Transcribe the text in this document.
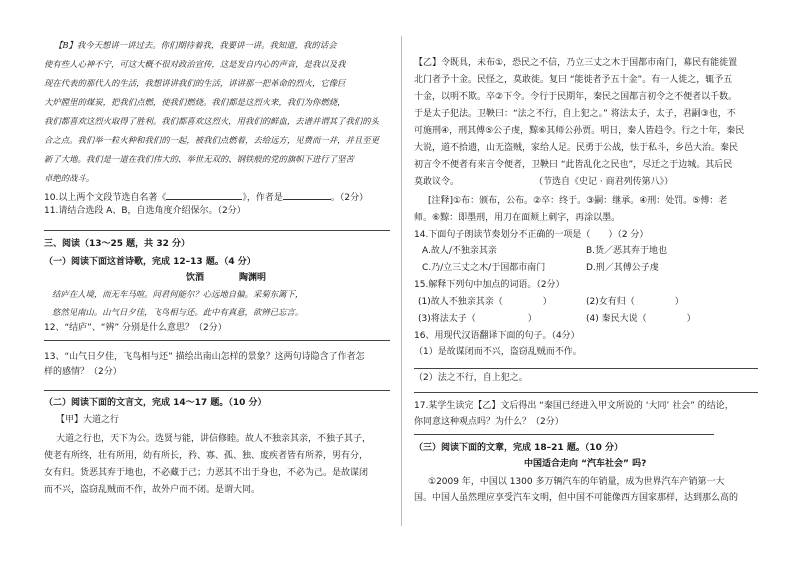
【B】我今天想讲一讲过去。你们期待着我，我要讲一讲。我知道，我的话会
使有些人心神不宁，可这大概不很对政治宣传，这是发自内心的声音，是我以及我
现在代表的那代人的生活，我想讲讲我们的生活，讲讲那一把革命的烈火，它像巨
大炉膛里的煤炭，把我们点燃，使我们燃烧。我们都是这烈火来，我们为你燃烧，
我们都喜欢这烈火取得了胜利。我们都喜欢这烈火，用我们的鲜血，去谱并谓其了我们的头
合之点。我们举一粒火种和我们的一起，被我们点燃着，去给远方，见费而一并，并且至更
新了大地。我们是一道在我们伟大的、举世无双的、钢铁般的党的旗帜下进行了坚苦
卓绝的战斗。
10.以上两个文段节选自名著《	》，作者是	。（2分）
11.请结合选段 A、B，自选角度介绍保尔。（2分）
三、阅读（13～25 题，共 32 分）
（一）阅读下面这首诗歌，完成 12–13 题。（4 分）
饮酒	陶渊明
结庐在人境，而无车马喧。问君何能尔？心远地自偏。采菊东篱下，
悠然见南山。山气日夕佳，飞鸟相与还。此中有真意，欲辨已忘言。
12、“结庐”、“辨” 分别是什么意思？（2分）
13、“山气日夕佳，飞鸟相与还” 描绘出南山怎样的景象？这两句诗隐含了作者怎
样的感情？（2分）
（二）阅读下面的文言文，完成 14～17 题。（10 分）
【甲】大道之行
大道之行也，天下为公。选贤与能，讲信修睦。故人不独亲其亲，不独子其子，
使老有所终，壮有所用，幼有所长，矜、寡、孤、独、废疾者皆有所养，男有分，
女有归。货恶其弃于地也，不必藏于己；力恶其不出于身也，不必为己。是故谋闭
而不兴，盗窃乱贼而不作，故外户而不闭。是谓大同。
【乙】令既具，未布①，恐民之不信，乃立三丈之木于国都市南门，募民有能徙置
北门者予十金。民怪之，莫敢徙。复曰 “能徙者予五十金”。有一人徙之，辄予五
十金，以明不欺。卒②下令。令行于民期年，秦民之国都言初令之不便者以千数。
于是太子犯法。卫鞅曰：“法之不行，自上犯之。” 将法太子，太子，君嗣③也，不
可施刑④，刑其傅⑤公子虔，黥⑥其师公孙贾。明日，秦人皆趋令。行之十年，秦民
大说，道不拾遗，山无盗贼，家给人足。民勇于公战，怯于私斗，乡邑大治。秦民
初言令不便者有来言令便者，卫鞅曰 “此皆乱化之民也”，尽迁之于边城。其后民
莫敢议令。	（节选自《史记 · 商君列传第八》）
[注释]①布：颁布，公布。②卒：终于。③嗣：继承。④刑：处罚。⑤傅：老
师。⑥黥：即墨刑，用刀在面颊上刺字，再涂以墨。
14.下面句子朗读节奏划分不正确的一项是（　　）（2 分）
A.故人/不独亲其亲	B.货／恶其弃于地也
C.乃/立三丈之木/于国都市南门	D.刑／其傅公子虔
15.解释下列句中加点的词语。（2分）
(1)故人不独亲其亲（	）	(2)女有归（	）
(3)将法太子（	）	(4) 秦民大说（	）
16、用现代汉语翻译下面的句子。（4分）
（1）是故谋闭而不兴，盗窃乱贼而不作。
（2）法之不行，自上犯之。
17.某学生读完【乙】文后得出 “秦国已经进入甲文所说的 ‘大同’ 社会” 的结论，
你同意这种观点吗？为什么？（2分）
（三）阅读下面的文章，完成 18–21 题。（10 分）
中国适合走向 “汽车社会” 吗?
①2009 年，中国以 1300 多万辆汽车的年销量，成为世界汽车产销第一大
国。中国人虽然理应享受汽车文明，但中国不可能像西方国家那样，达到那么高的
